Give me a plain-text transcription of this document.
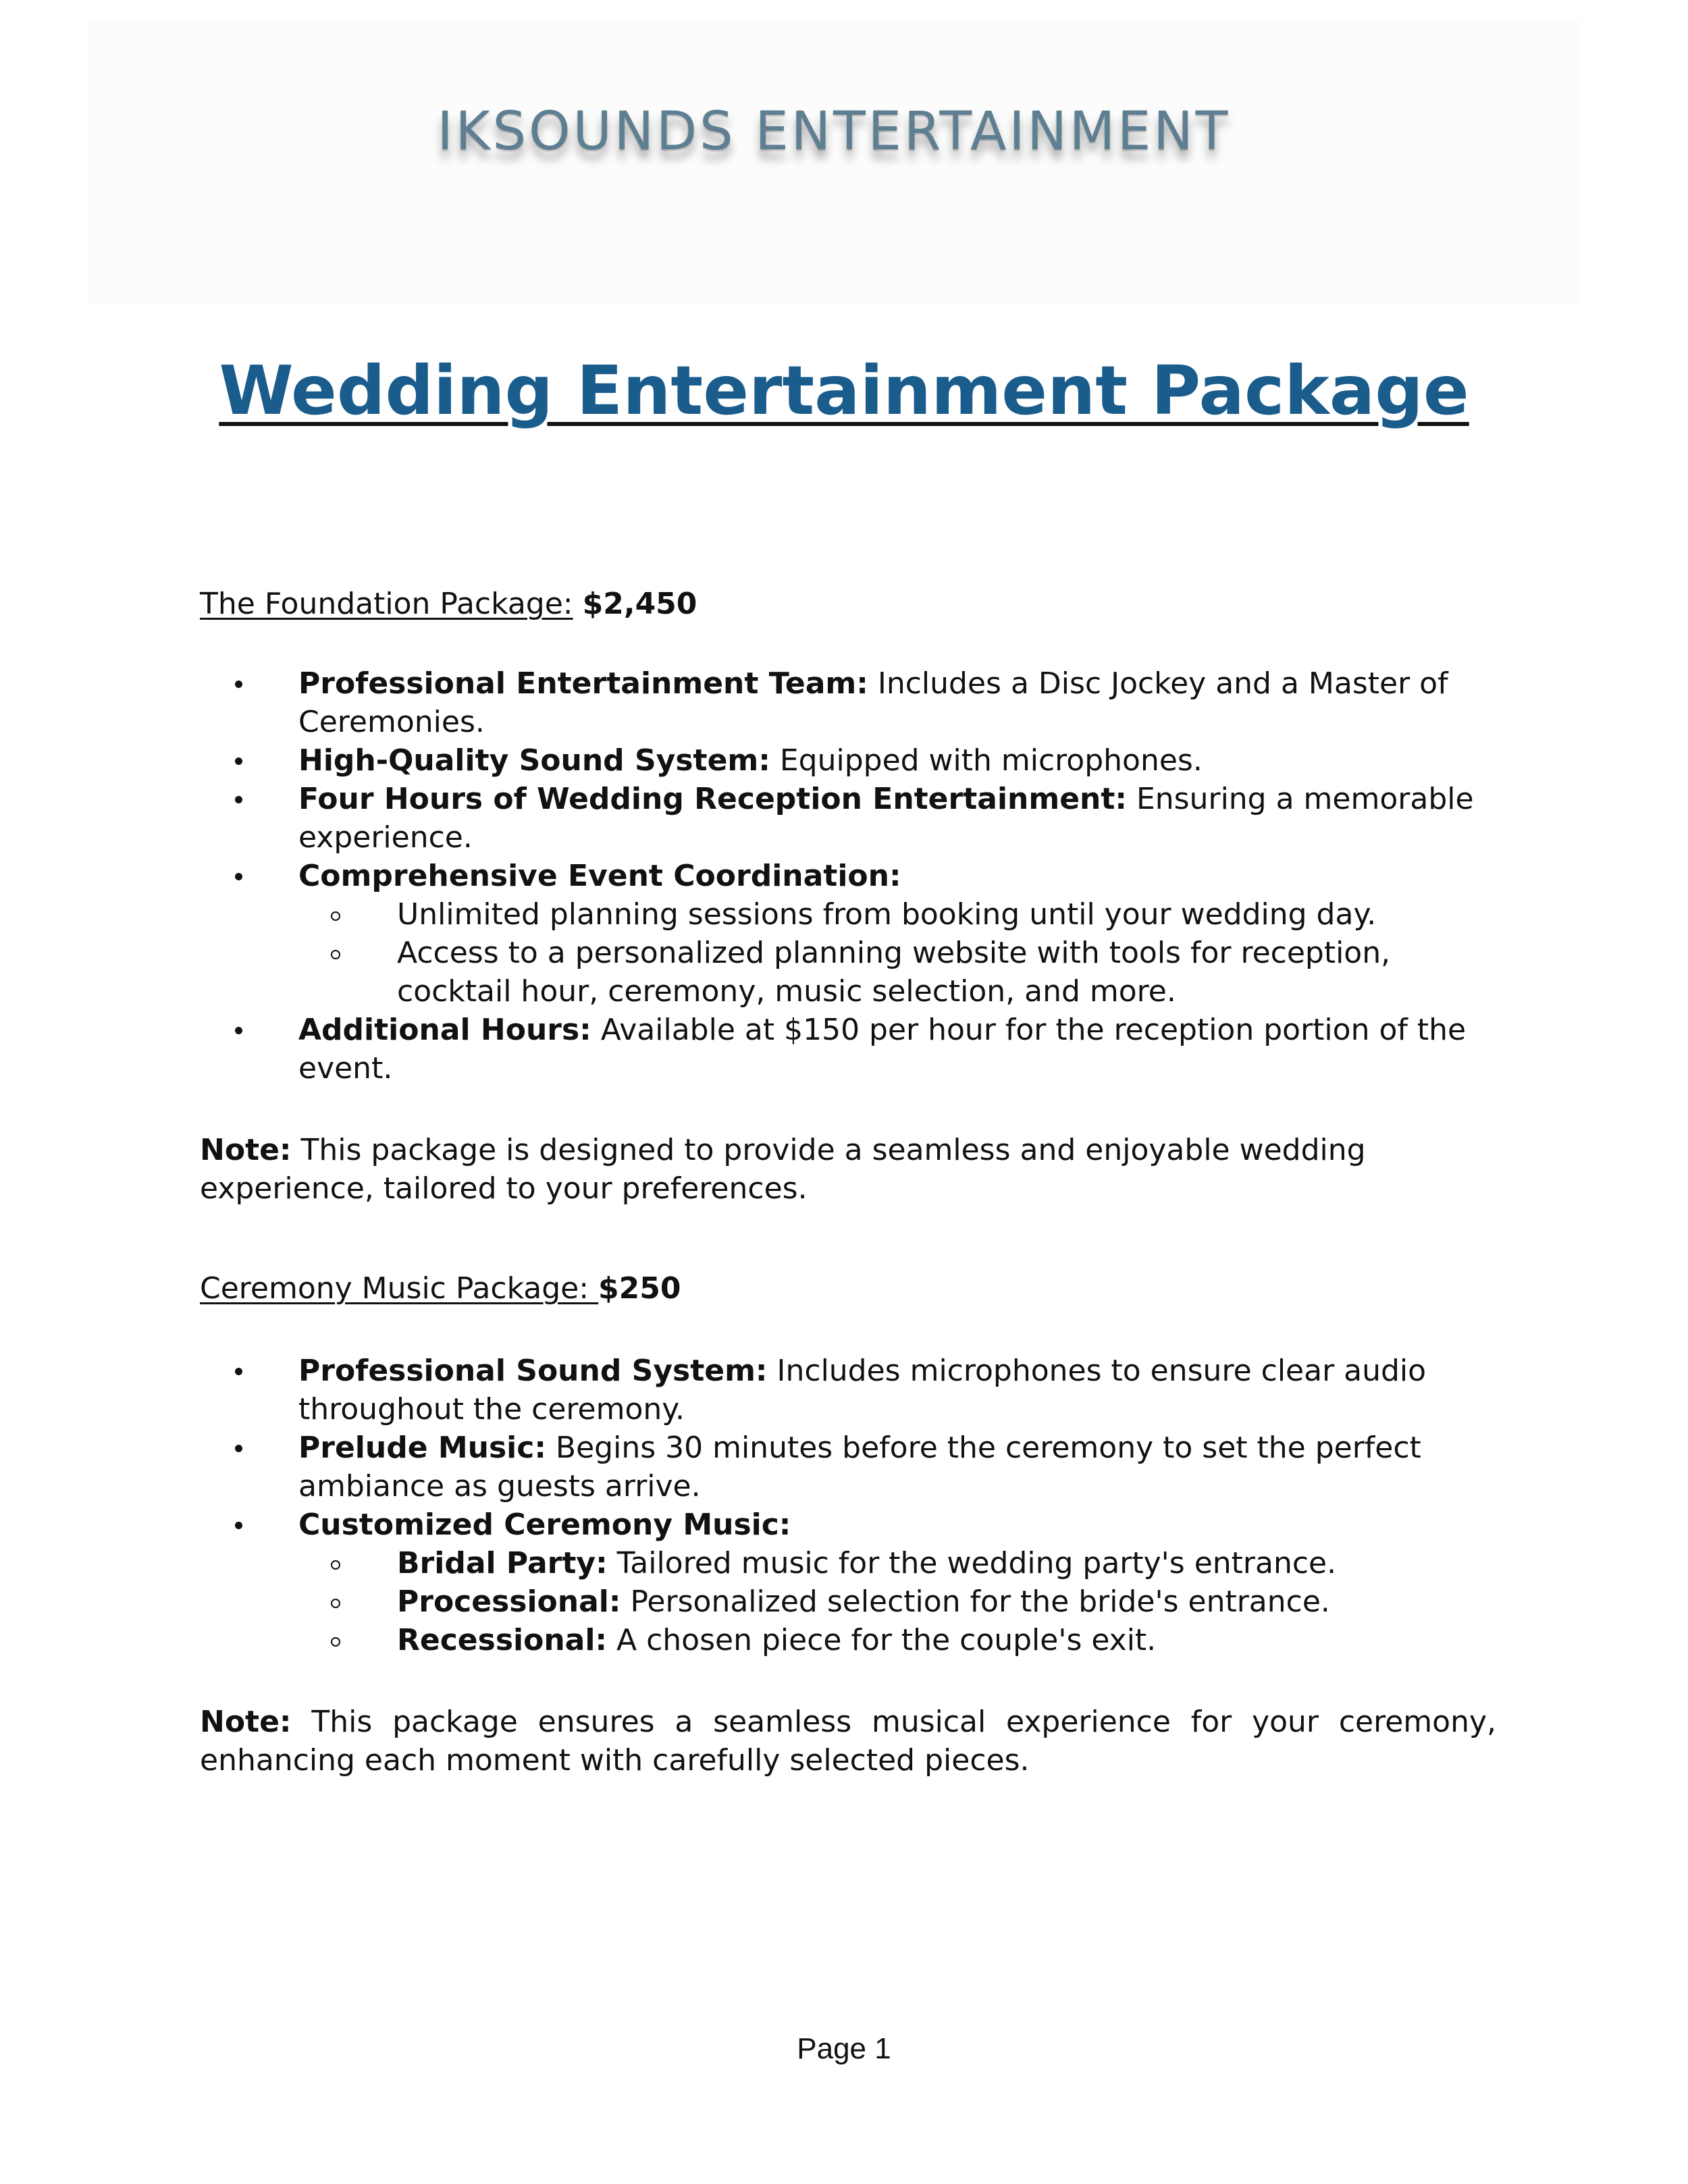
IKSOUNDS ENTERTAINMENT
Wedding Entertainment Package
The Foundation Package: $2,450
Professional Entertainment Team: Includes a Disc Jockey and a Master of Ceremonies.
High-Quality Sound System: Equipped with microphones.
Four Hours of Wedding Reception Entertainment: Ensuring a memorable experience.
Comprehensive Event Coordination:
Unlimited planning sessions from booking until your wedding day.
Access to a personalized planning website with tools for reception, cocktail hour, ceremony, music selection, and more.
Additional Hours: Available at $150 per hour for the reception portion of the event.
Note: This package is designed to provide a seamless and enjoyable wedding experience, tailored to your preferences.
Ceremony Music Package: $250
Professional Sound System: Includes microphones to ensure clear audio throughout the ceremony.
Prelude Music: Begins 30 minutes before the ceremony to set the perfect ambiance as guests arrive.
Customized Ceremony Music:
Bridal Party: Tailored music for the wedding party's entrance.
Processional: Personalized selection for the bride's entrance.
Recessional: A chosen piece for the couple's exit.
Note: This package ensures a seamless musical experience for your ceremony, enhancing each moment with carefully selected pieces.
Page 1
